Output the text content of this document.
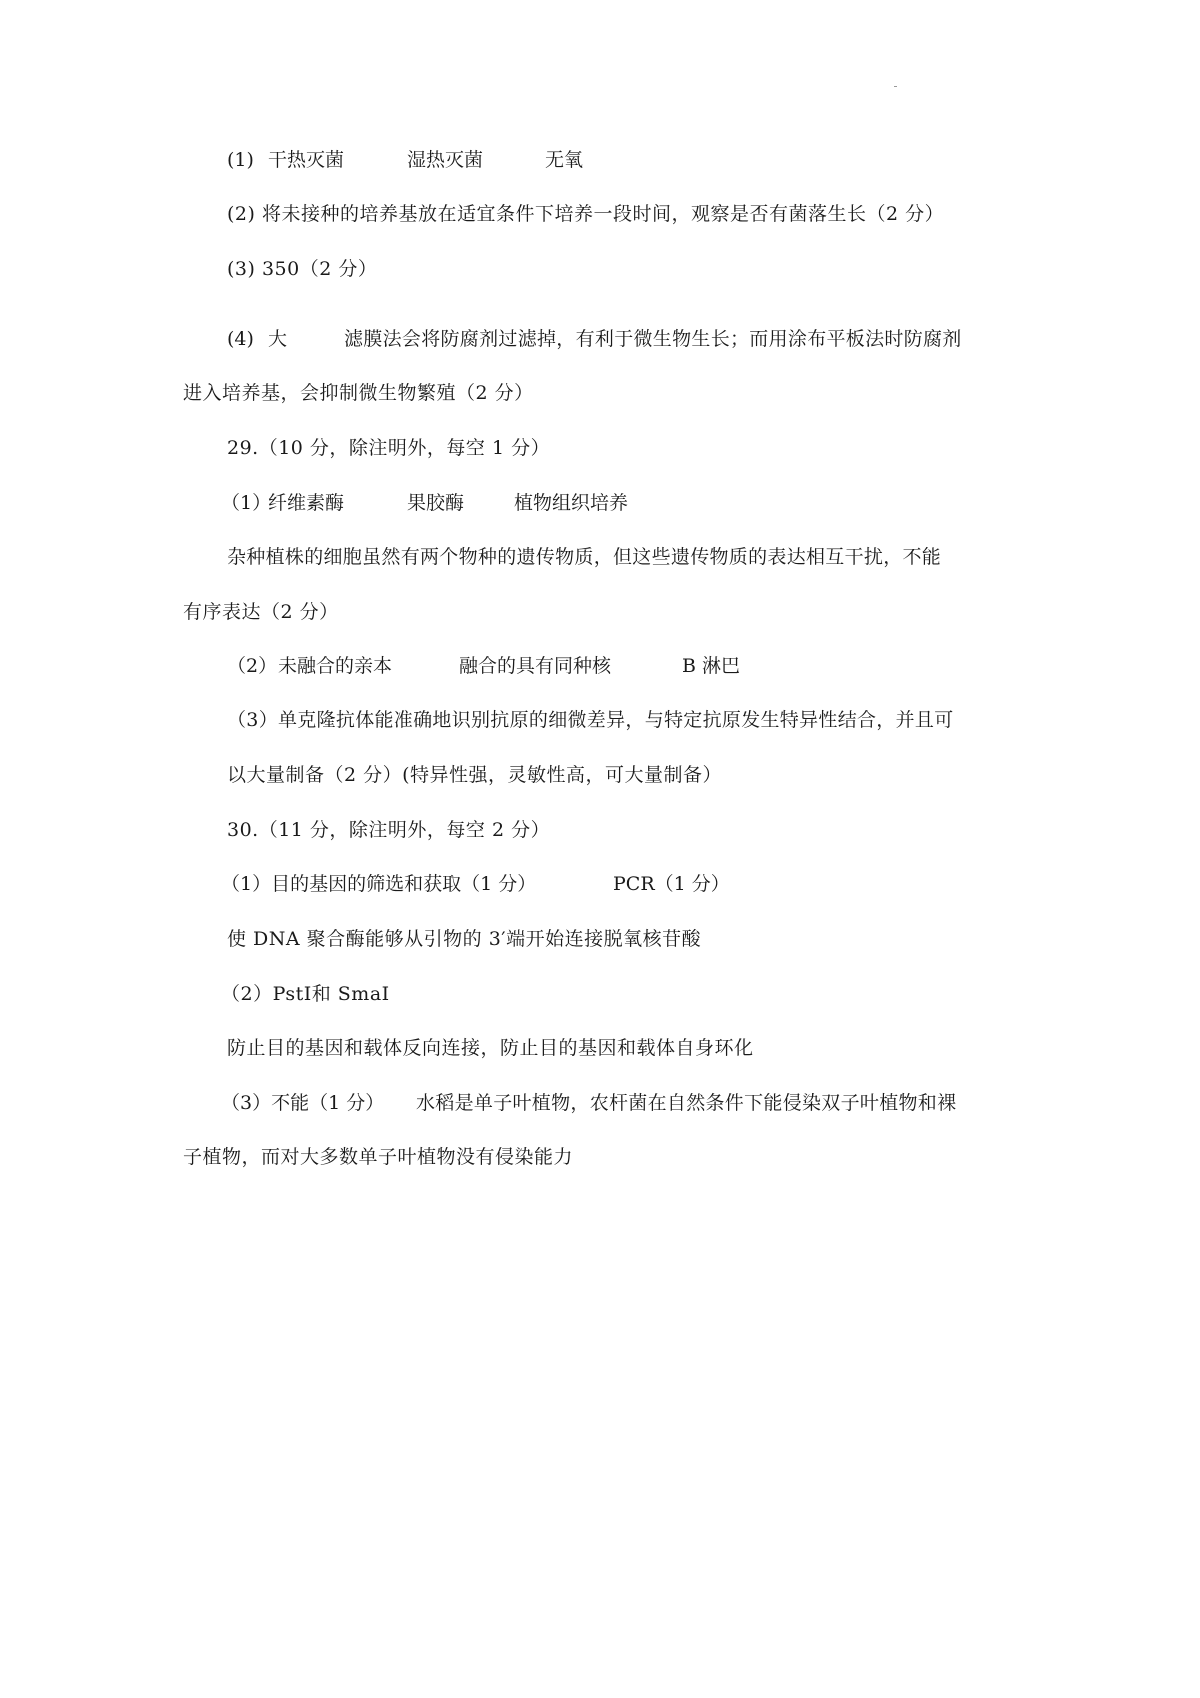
(1) 干热灭菌	湿热灭菌	无氧
(2) 将未接种的培养基放在适宜条件下培养一段时间，观察是否有菌落生长（2 分）
(3) 350（2 分）
(4) 大	滤膜法会将防腐剂过滤掉，有利于微生物生长；而用涂布平板法时防腐剂
进入培养基，会抑制微生物繁殖（2 分）
29.（10 分，除注明外，每空 1 分）
（1）
纤维素酶	果胶酶	植物组织培养
杂种植株的细胞虽然有两个物种的遗传物质，但这些遗传物质的表达相互干扰，不能
有序表达（2 分）
（2） 未融合的亲本	融合的具有同种核	B 淋巴
（3）单克隆抗体能准确地识别抗原的细微差异，与特定抗原发生特异性结合，并且可
以大量制备（2 分）(特异性强，灵敏性高，可大量制备）
30.（11 分，除注明外，每空 2 分）
（1）目的基因的筛选和获取（1 分）	PCR（1 分）
使 DNA 聚合酶能够从引物的 3′端开始连接脱氧核苷酸
（2）PstI和 SmaI
防止目的基因和载体反向连接，防止目的基因和载体自身环化
（3）不能（1 分） 水稻是单子叶植物，农杆菌在自然条件下能侵染双子叶植物和裸
子植物，而对大多数单子叶植物没有侵染能力
